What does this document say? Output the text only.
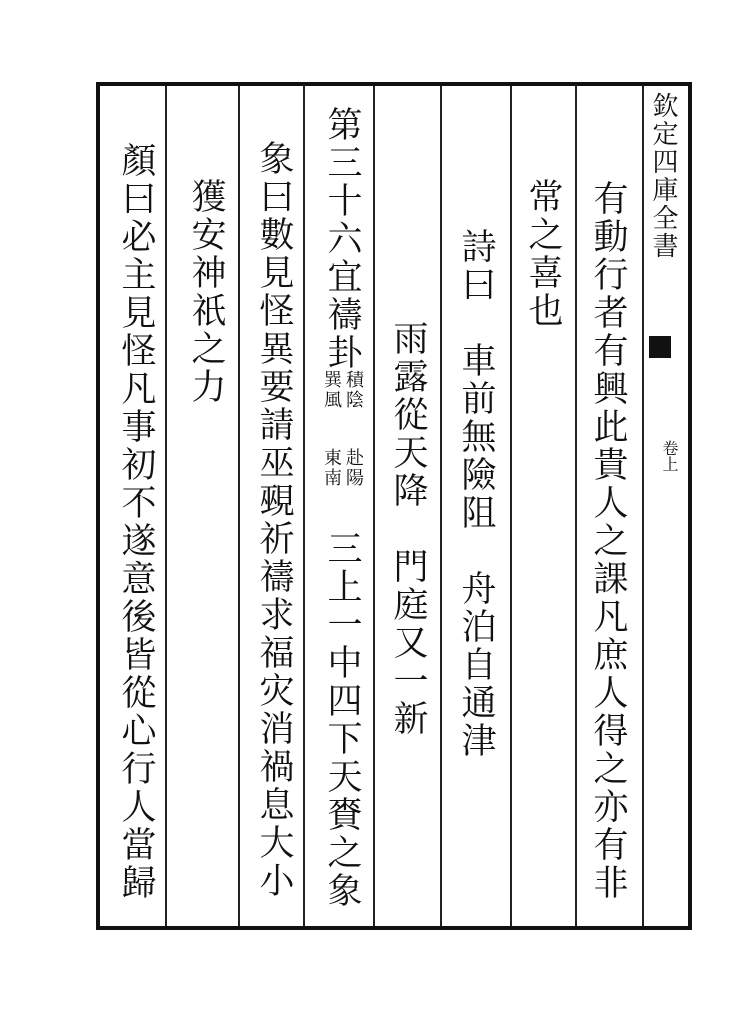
欽定四庫全書
卷上
有動行者有興此貴人之課凡庶人得之亦有非
常之喜也
詩曰車前無險阻舟泊自通津
雨露從天降門庭又一新
第三十六宜禱卦
積陰
巽風
赴陽
東南
三上一中四下天賚之象
象曰數見怪異要請巫覡祈禱求福灾消禍息大小
獲安神祇之力
顏曰必主見怪凡事初不遂意後皆從心行人當歸
